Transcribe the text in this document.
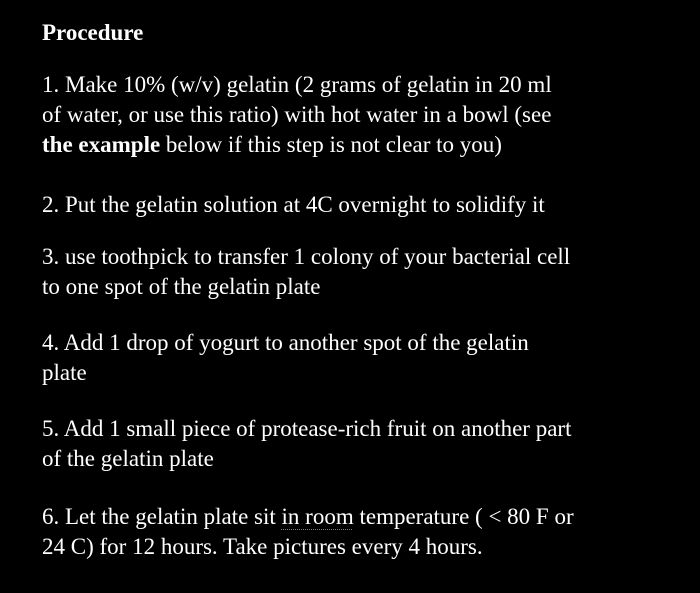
Procedure

1. Make 10% (w/v) gelatin (2 grams of gelatin in 20 ml
of water, or use this ratio) with hot water in a bowl (see
the example below if this step is not clear to you)

2. Put the gelatin solution at 4C overnight to solidify it

3. use toothpick to transfer 1 colony of your bacterial cell
to one spot of the gelatin plate

4. Add 1 drop of yogurt to another spot of the gelatin
plate

5. Add 1 small piece of protease-rich fruit on another part
of the gelatin plate

6. Let the gelatin plate sit in room temperature ( < 80 F or
24 C) for 12 hours. Take pictures every 4 hours.
